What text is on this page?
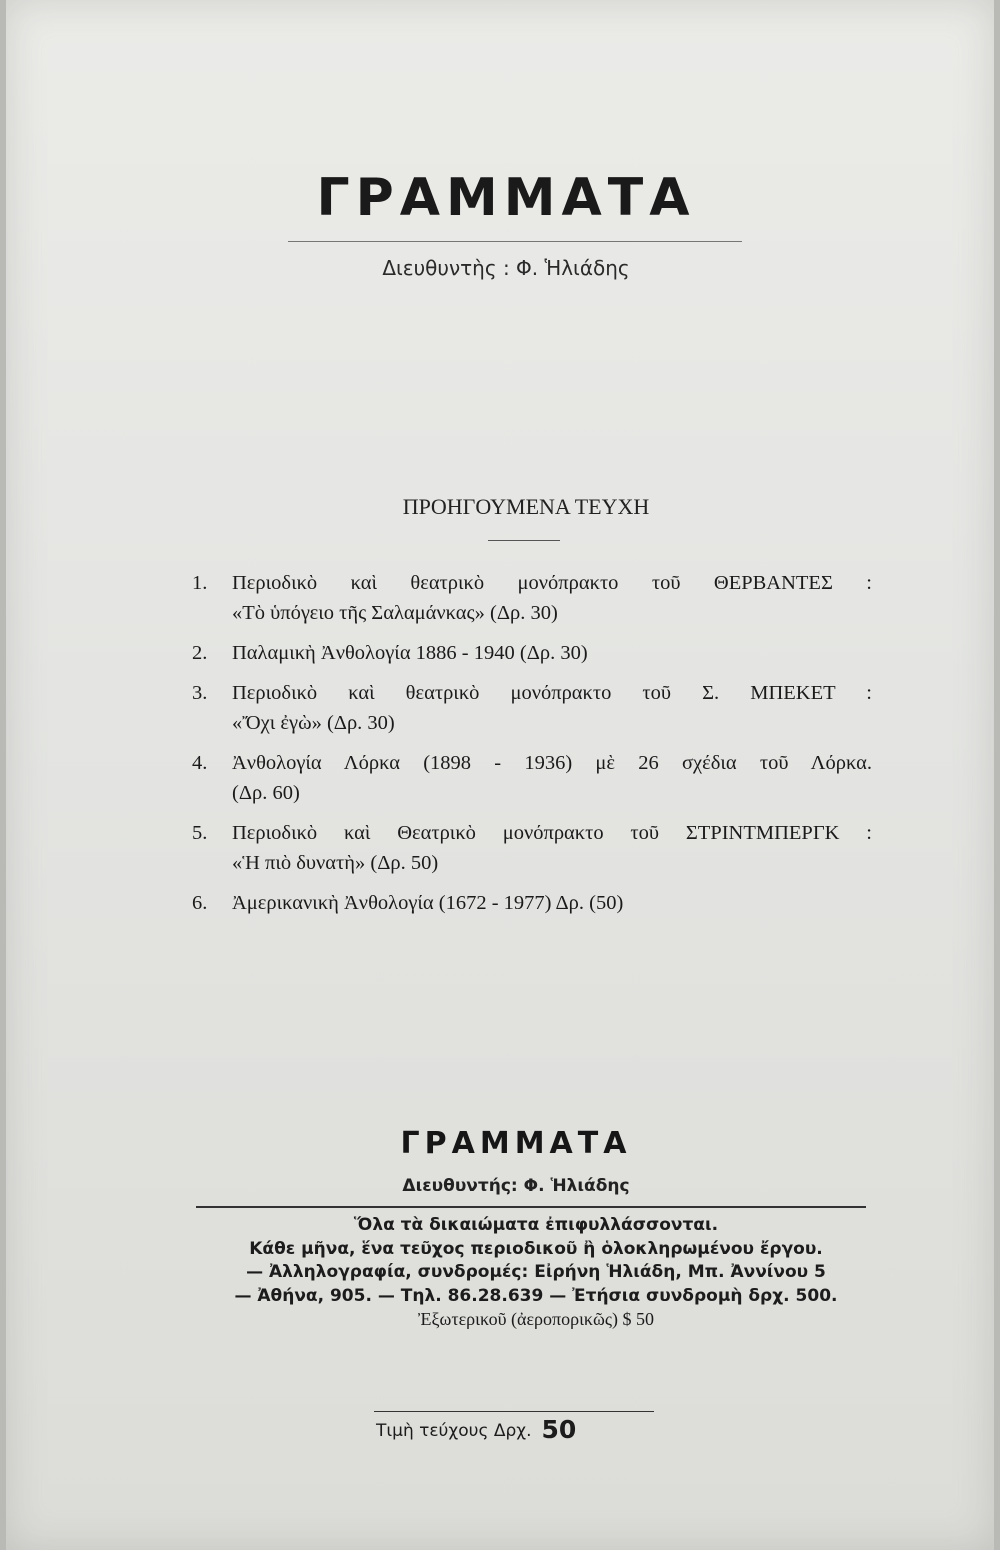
ΓΡΑΜΜΑΤΑ
Διευθυντὴς : Φ. Ἡλιάδης
ΠΡΟΗΓΟΥΜΕΝΑ ΤΕΥΧΗ
1.	Περιοδικὸ καὶ θεατρικὸ μονόπρακτο τοῦ ΘΕΡΒΑΝΤΕΣ :
«Τὸ ὑπόγειο τῆς Σαλαμάνκας» (Δρ. 30)
2.	Παλαμικὴ Ἀνθολογία 1886 - 1940 (Δρ. 30)
3.	Περιοδικὸ καὶ θεατρικὸ μονόπρακτο τοῦ Σ. ΜΠΕΚΕΤ :
«Ὄχι ἐγὼ» (Δρ. 30)
4.	Ἀνθολογία Λόρκα (1898 - 1936) μὲ 26 σχέδια τοῦ Λόρκα.
(Δρ. 60)
5.	Περιοδικὸ καὶ Θεατρικὸ μονόπρακτο τοῦ ΣΤΡΙΝΤΜΠΕΡΓΚ :
«Ἡ πιὸ δυνατὴ» (Δρ. 50)
6.	Ἀμερικανικὴ Ἀνθολογία (1672 - 1977) Δρ. (50)
ΓΡΑΜΜΑΤΑ
Διευθυντής: Φ. Ἡλιάδης
Ὅλα τὰ δικαιώματα ἐπιφυλλάσσονται.
Κάθε μῆνα, ἕνα τεῦχος περιοδικοῦ ἢ ὁλοκληρωμένου ἔργου.
— Ἀλληλογραφία, συνδρομές: Εἰρήνη Ἡλιάδη, Μπ. Ἀννίνου 5
— Ἀθήνα, 905. — Τηλ. 86.28.639 — Ἐτήσια συνδρομὴ δρχ. 500.
Ἐξωτερικοῦ (ἀεροπορικῶς) $ 50
Τιμὴ τεύχους Δρχ. 50
